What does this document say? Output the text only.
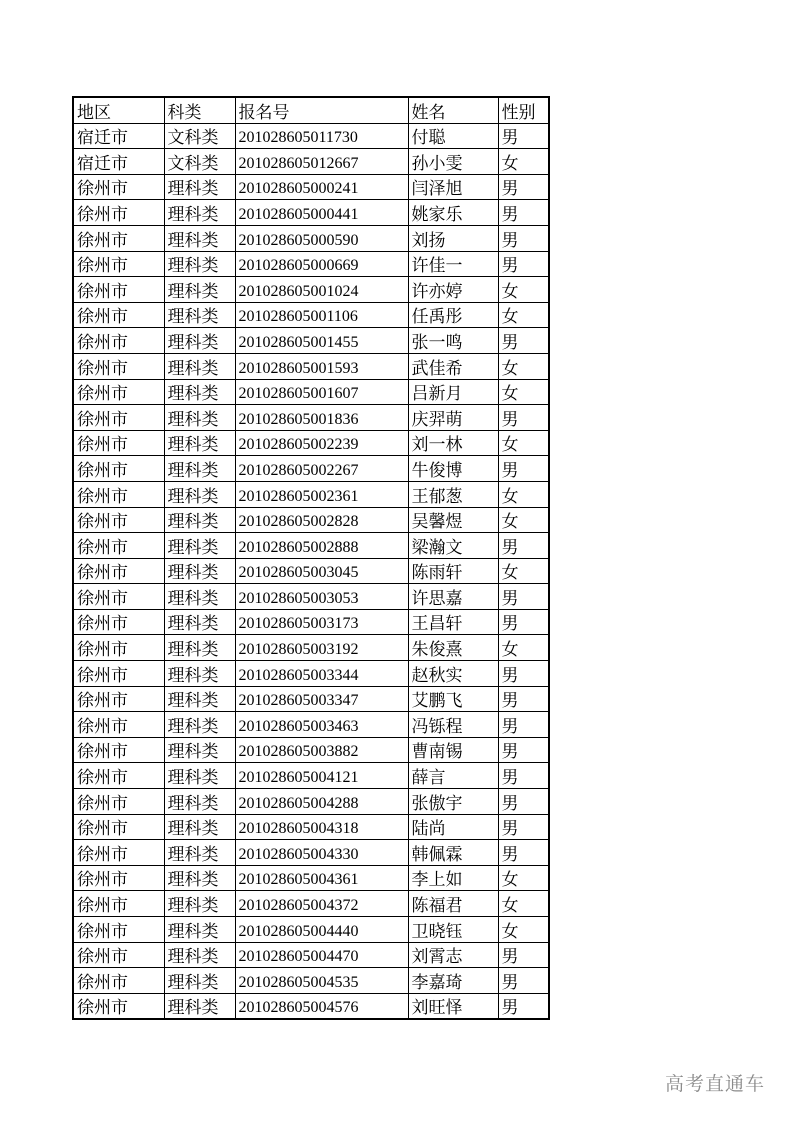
地区	科类	报名号	姓名	性别
宿迁市	文科类	201028605011730	付聪	男
宿迁市	文科类	201028605012667	孙小雯	女
徐州市	理科类	201028605000241	闫泽旭	男
徐州市	理科类	201028605000441	姚家乐	男
徐州市	理科类	201028605000590	刘扬	男
徐州市	理科类	201028605000669	许佳一	男
徐州市	理科类	201028605001024	许亦婷	女
徐州市	理科类	201028605001106	任禹彤	女
徐州市	理科类	201028605001455	张一鸣	男
徐州市	理科类	201028605001593	武佳希	女
徐州市	理科类	201028605001607	吕新月	女
徐州市	理科类	201028605001836	庆羿萌	男
徐州市	理科类	201028605002239	刘一林	女
徐州市	理科类	201028605002267	牛俊博	男
徐州市	理科类	201028605002361	王郁葱	女
徐州市	理科类	201028605002828	吴馨煜	女
徐州市	理科类	201028605002888	梁瀚文	男
徐州市	理科类	201028605003045	陈雨轩	女
徐州市	理科类	201028605003053	许思嘉	男
徐州市	理科类	201028605003173	王昌轩	男
徐州市	理科类	201028605003192	朱俊熹	女
徐州市	理科类	201028605003344	赵秋实	男
徐州市	理科类	201028605003347	艾鹏飞	男
徐州市	理科类	201028605003463	冯铄程	男
徐州市	理科类	201028605003882	曹南锡	男
徐州市	理科类	201028605004121	薛言	男
徐州市	理科类	201028605004288	张傲宇	男
徐州市	理科类	201028605004318	陆尚	男
徐州市	理科类	201028605004330	韩佩霖	男
徐州市	理科类	201028605004361	李上如	女
徐州市	理科类	201028605004372	陈福君	女
徐州市	理科类	201028605004440	卫晓钰	女
徐州市	理科类	201028605004470	刘霄志	男
徐州市	理科类	201028605004535	李嘉琦	男
徐州市	理科类	201028605004576	刘旺怿	男
高考直通车
